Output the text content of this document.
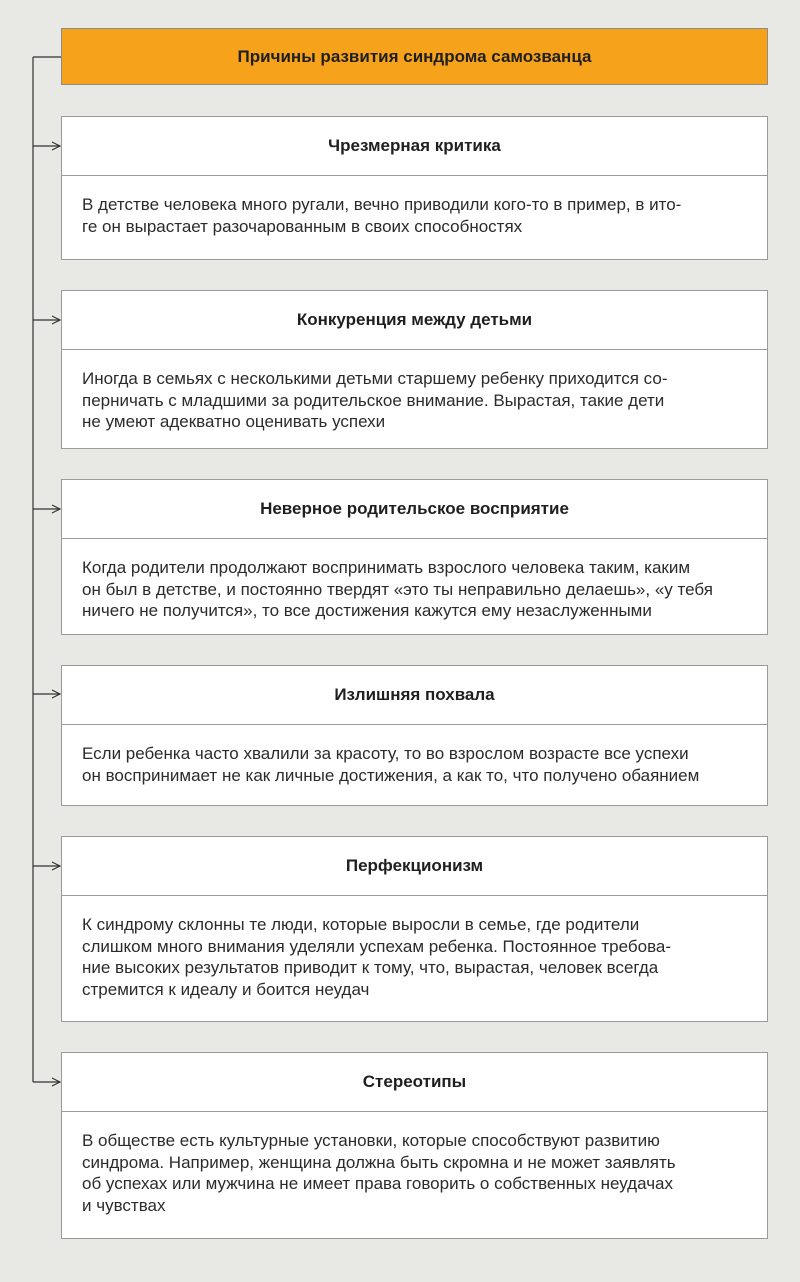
Причины развития синдрома самозванца
Чрезмерная критика
В детстве человека много ругали, вечно приводили кого-то в пример, в ито-
ге он вырастает разочарованным в своих способностях
Конкуренция между детьми
Иногда в семьях с несколькими детьми старшему ребенку приходится со-
перничать с младшими за родительское внимание. Вырастая, такие дети
не умеют адекватно оценивать успехи
Неверное родительское восприятие
Когда родители продолжают воспринимать взрослого человека таким, каким
он был в детстве, и постоянно твердят «это ты неправильно делаешь», «у тебя
ничего не получится», то все достижения кажутся ему незаслуженными
Излишняя похвала
Если ребенка часто хвалили за красоту, то во взрослом возрасте все успехи
он воспринимает не как личные достижения, а как то, что получено обаянием
Перфекционизм
К синдрому склонны те люди, которые выросли в семье, где родители
слишком много внимания уделяли успехам ребенка. Постоянное требова-
ние высоких результатов приводит к тому, что, вырастая, человек всегда
стремится к идеалу и боится неудач
Стереотипы
В обществе есть культурные установки, которые способствуют развитию
синдрома. Например, женщина должна быть скромна и не может заявлять
об успехах или мужчина не имеет права говорить о собственных неудачах
и чувствах
